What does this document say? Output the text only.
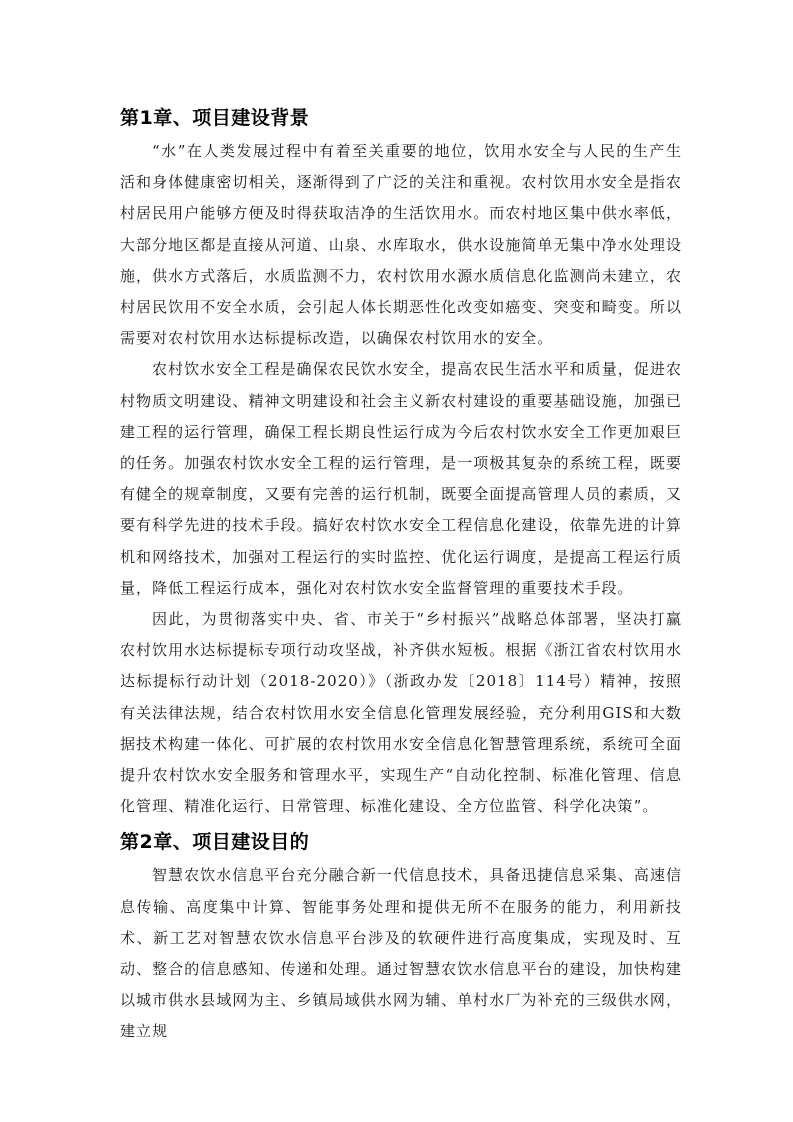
第1章、项目建设背景

“水”在人类发展过程中有着至关重要的地位，饮用水安全与人民的生产生活和身体健康密切相关，逐渐得到了广泛的关注和重视。农村饮用水安全是指农村居民用户能够方便及时得获取洁净的生活饮用水。而农村地区集中供水率低，大部分地区都是直接从河道、山泉、水库取水，供水设施简单无集中净水处理设施，供水方式落后，水质监测不力，农村饮用水源水质信息化监测尚未建立，农村居民饮用不安全水质，会引起人体长期恶性化改变如癌变、突变和畸变。所以需要对农村饮用水达标提标改造，以确保农村饮用水的安全。

农村饮水安全工程是确保农民饮水安全，提高农民生活水平和质量，促进农村物质文明建设、精神文明建设和社会主义新农村建设的重要基础设施，加强已建工程的运行管理，确保工程长期良性运行成为今后农村饮水安全工作更加艰巨的任务。加强农村饮水安全工程的运行管理，是一项极其复杂的系统工程，既要有健全的规章制度，又要有完善的运行机制，既要全面提高管理人员的素质，又要有科学先进的技术手段。搞好农村饮水安全工程信息化建设，依靠先进的计算机和网络技术，加强对工程运行的实时监控、优化运行调度，是提高工程运行质量，降低工程运行成本，强化对农村饮水安全监督管理的重要技术手段。

因此，为贯彻落实中央、省、市关于“乡村振兴”战略总体部署，坚决打赢农村饮用水达标提标专项行动攻坚战，补齐供水短板。根据《浙江省农村饮用水达标提标行动计划（2018-2020）》（浙政办发〔2018〕114号）精神，按照有关法律法规，结合农村饮用水安全信息化管理发展经验，充分利用GIS和大数据技术构建一体化、可扩展的农村饮用水安全信息化智慧管理系统，系统可全面提升农村饮水安全服务和管理水平，实现生产“自动化控制、标准化管理、信息化管理、精准化运行、日常管理、标准化建设、全方位监管、科学化决策”。

第2章、项目建设目的

智慧农饮水信息平台充分融合新一代信息技术，具备迅捷信息采集、高速信息传输、高度集中计算、智能事务处理和提供无所不在服务的能力，利用新技术、新工艺对智慧农饮水信息平台涉及的软硬件进行高度集成，实现及时、互动、整合的信息感知、传递和处理。通过智慧农饮水信息平台的建设，加快构建以城市供水县域网为主、乡镇局域供水网为辅、单村水厂为补充的三级供水网，建立规
